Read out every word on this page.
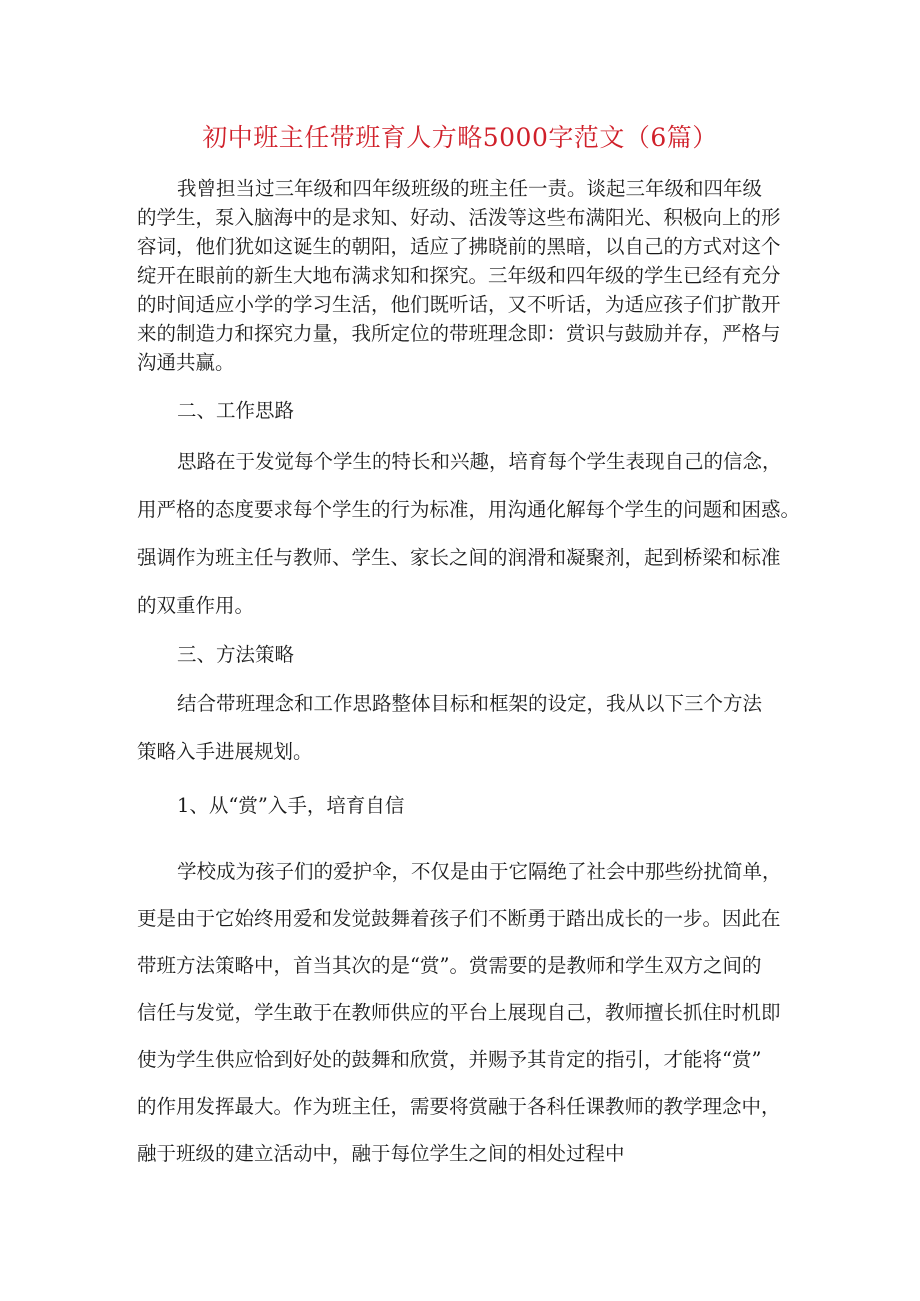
初中班主任带班育人方略5000字范文（6篇）
我曾担当过三年级和四年级班级的班主任一责。谈起三年级和四年级
的学生，泵入脑海中的是求知、好动、活泼等这些布满阳光、积极向上的形
容词，他们犹如这诞生的朝阳，适应了拂晓前的黑暗，以自己的方式对这个
绽开在眼前的新生大地布满求知和探究。三年级和四年级的学生已经有充分
的时间适应小学的学习生活，他们既听话，又不听话，为适应孩子们扩散开
来的制造力和探究力量，我所定位的带班理念即：赏识与鼓励并存，严格与
沟通共赢。
二、工作思路
思路在于发觉每个学生的特长和兴趣，培育每个学生表现自己的信念，
用严格的态度要求每个学生的行为标准，用沟通化解每个学生的问题和困惑。
强调作为班主任与教师、学生、家长之间的润滑和凝聚剂，起到桥梁和标准
的双重作用。
三、方法策略
结合带班理念和工作思路整体目标和框架的设定，我从以下三个方法
策略入手进展规划。
1、从“赏”入手，培育自信
学校成为孩子们的爱护伞，不仅是由于它隔绝了社会中那些纷扰简单，
更是由于它始终用爱和发觉鼓舞着孩子们不断勇于踏出成长的一步。因此在
带班方法策略中，首当其次的是“赏”。赏需要的是教师和学生双方之间的
信任与发觉，学生敢于在教师供应的平台上展现自己，教师擅长抓住时机即
使为学生供应恰到好处的鼓舞和欣赏，并赐予其肯定的指引，才能将“赏”
的作用发挥最大。作为班主任，需要将赏融于各科任课教师的教学理念中，
融于班级的建立活动中，融于每位学生之间的相处过程中
